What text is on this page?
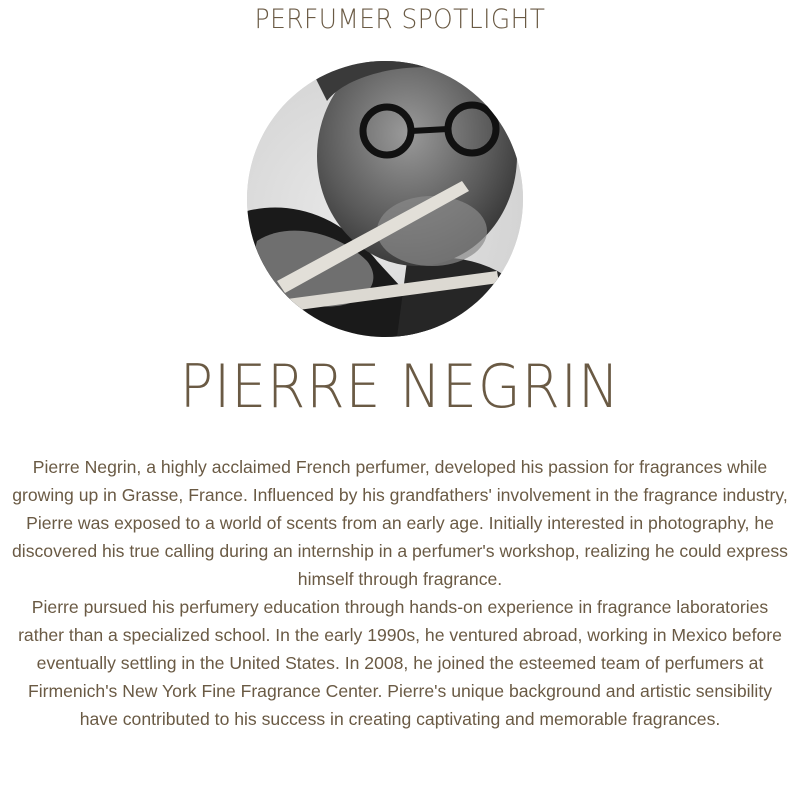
PERFUMER SPOTLIGHT
PIERRE NEGRIN

Pierre Negrin, a highly acclaimed French perfumer, developed his passion for fragrances while growing up in Grasse, France. Influenced by his grandfathers' involvement in the fragrance industry, Pierre was exposed to a world of scents from an early age. Initially interested in photography, he discovered his true calling during an internship in a perfumer's workshop, realizing he could express himself through fragrance.

Pierre pursued his perfumery education through hands-on experience in fragrance laboratories rather than a specialized school. In the early 1990s, he ventured abroad, working in Mexico before eventually settling in the United States. In 2008, he joined the esteemed team of perfumers at Firmenich's New York Fine Fragrance Center. Pierre's unique background and artistic sensibility have contributed to his success in creating captivating and memorable fragrances.
